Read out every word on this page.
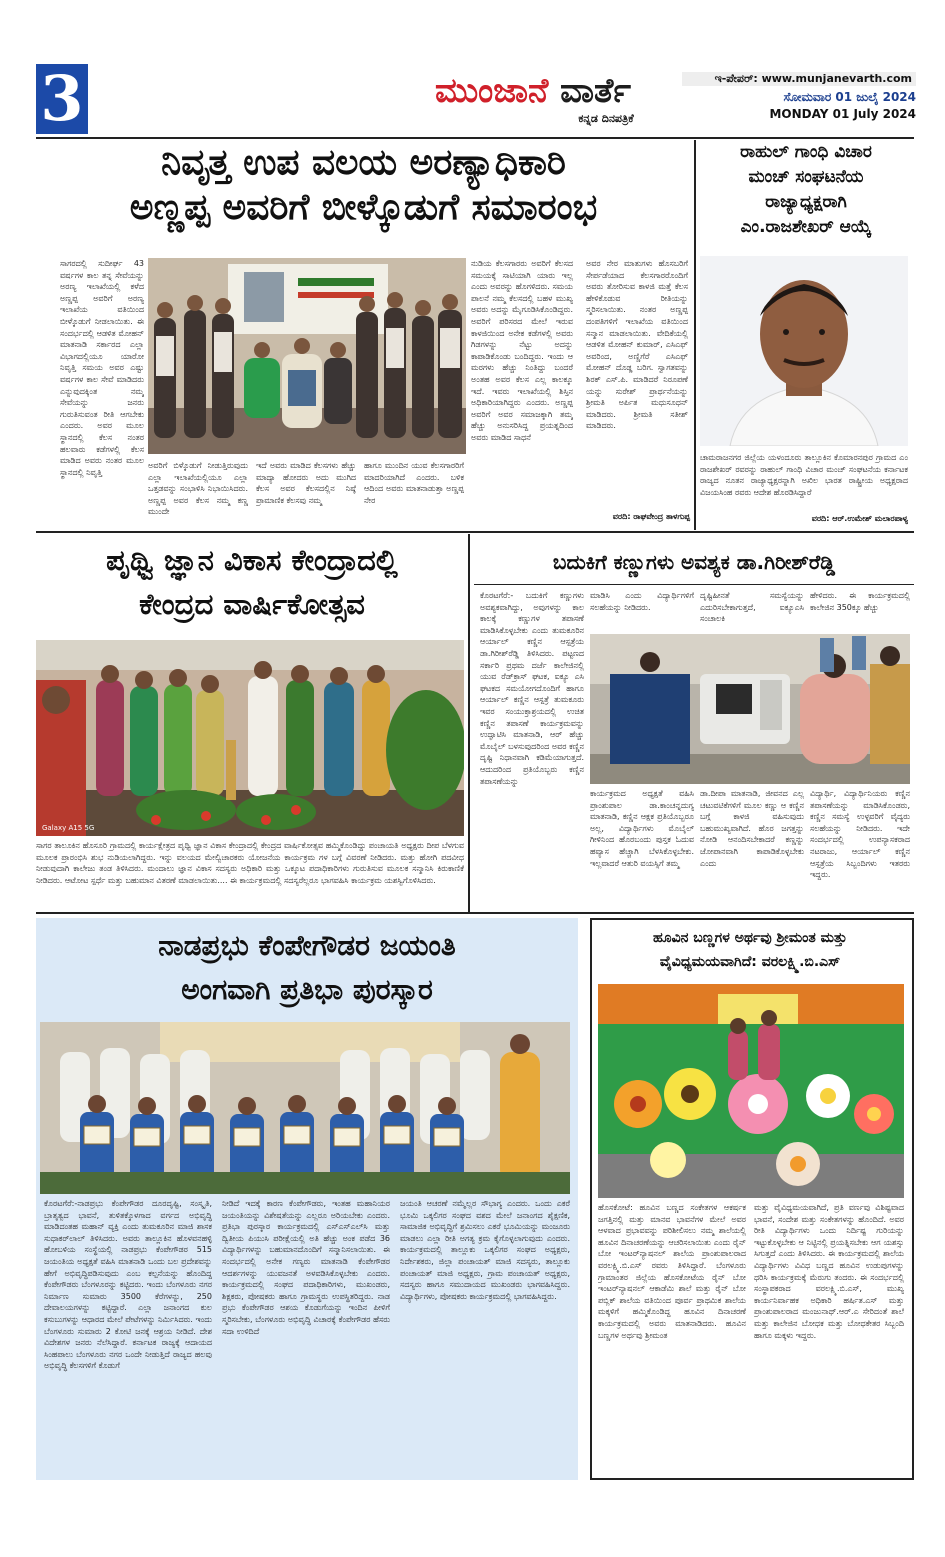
3	ಮುಂಜಾನೆ ವಾರ್ತೆ
ಕನ್ನಡ ದಿನಪತ್ರಿಕೆ
ಇ-ಪೇಪರ್: www.munjanevarth.com
ಸೋಮವಾರ 01 ಜುಲೈ 2024
MONDAY 01 July 2024
ನಿವೃತ್ತ ಉಪ ವಲಯ ಅರಣ್ಯಾಧಿಕಾರಿ
ಅಣ್ಣಪ್ಪ ಅವರಿಗೆ ಬೀಳ್ಕೊಡುಗೆ ಸಮಾರಂಭ
ಸಾಗರದಲ್ಲಿ ಸುದೀರ್ಘ 43 ವರ್ಷಗಳ ಕಾಲ ತನ್ನ ಸೇವೆಯನ್ನು ಅರಣ್ಯ ಇಲಾಖೆಯಲ್ಲಿ ಕಳೆದ ಅಣ್ಣಪ್ಪ ಅವರಿಗೆ ಅರಣ್ಯ ಇಲಾಖೆಯ ವತಿಯಿಂದ ಬೀಳ್ಕೊಡುಗೆ ನೀಡಲಾಯಿತು. ಈ ಸಂದರ್ಭದಲ್ಲಿ ಆಡಳಿತ ಮೋಹನ್ ಮಾತನಾಡಿ ಸರ್ಕಾರದ ಎಲ್ಲಾ ವಿಭಾಗದಲ್ಲಿಯೂ ಯಾರೋ ನಿವೃತ್ತಿ ಸಮಯ ಅವರ ಎಷ್ಟು ವರ್ಷಗಳ ಕಾಲ ಸೇವೆ ಮಾಡಿದರು ಎನ್ನುವುದಕ್ಕಿಂತ ನಮ್ಮ ಸೇವೆಯನ್ನು ಜನರು ಗುರುತಿಸುವಂತ ರೀತಿ ಆಗಬೇಕು ಎಂದರು. ಅವರ ಮೂಲ ಸ್ಥಾನದಲ್ಲಿ ಕೆಲಸ ನಂತರ ಹಲವಾರು ಕಡೆಗಳಲ್ಲಿ ಕೆಲಸ ಮಾಡಿದ ಅವರು ನಂತರ ಮೂಲ ಸ್ಥಾನದಲ್ಲಿ ನಿವೃತ್ತಿ
ಅವರಿಗೆ ಬಿಳ್ಕೊಡುಗೆ ನೀಡುತ್ತಿರುವುದು ಎಲ್ಲಾ ಇಲಾಖೆಯಲ್ಲಿಯೂ ಎಲ್ಲಾ ಒತ್ತಡವನ್ನು ಸಂಭಾಳಿಸಿ ನಿಭಾಯಿಸಿದರು. ಅಣ್ಣಪ್ಪ ಅವರ ಕೆಲಸ ನಮ್ಮ ಕಣ್ಣ ಮುಂದೇ
ಇದೆ ಅವರು ಮಾಡಿದ ಕೆಲಸಗಳು ಹೆಚ್ಚು ಮಾದ್ಯಾ ಹೋದರು ಅದು ಮುಗಿದ ಕೆಲಸ ಅವರ ಕೆಲಸದಲ್ಲಿನ ನಿಷ್ಠೆ ಪ್ರಾಮಾಣಿಕ ಕೆಲಸವು ನಮ್ಮ
ಹಾಗೂ ಮುಂದಿನ ಯುವ ಕೆಲಸಗಾರರಿಗೆ ಮಾದರಿಯಾಗಿದೆ ಎಂದರು. ಬಳಿಕ ಆದಿಂದ ಅವರು ಮಾತನಾಡುತ್ತಾ ಅಣ್ಣಪ್ಪ ನೇರ
ನುಡಿಯ ಕೆಲಸಗಾರರು ಅವರಿಗೆ ಕೆಲಸದ ಸಮಯಕ್ಕೆ ಸಾಟಿಯಾಗಿ ಯಾರು ಇಲ್ಲ ಎಂದು ಅವರನ್ನು ಹೊಗಳಿದರು. ಸಮಯ ಪಾಲನೆ ನಮ್ಮ ಕೆಲಸದಲ್ಲಿ ಬಹಳ ಮುಖ್ಯ ಅವರು ಅದನ್ನು ಮೈಗೂಡಿಸಿಕೊಂಡಿದ್ದರು. ಅವರಿಗೆ ಪರಿಸರದ ಮೇಲೆ ಇರುವ ಕಾಳಜಿಯಿಂದ ಅನೇಕ ಕಡೆಗಳಲ್ಲಿ ಅವರು ಗಿಡಗಳನ್ನು ನೆಟ್ಟು ಅದನ್ನು ಕಾಪಾಡಿಕೊಂಡು ಬಂದಿದ್ದರು. ಇಂದು ಆ ಮರಗಳು ಹೆಚ್ಚು ನಿಂತಿದ್ದು ಬಂದರೆ ಅಂತಹ ಅವರ ಕೆಲಸ ಎಲ್ಲ ಕಾಲಕ್ಕೂ ಇದೆ. ಇವರು ಇಲಾಖೆಯಲ್ಲಿ ಶಿಸ್ತಿನ ಅಧಿಕಾರಿಯಾಗಿದ್ದರು ಎಂದರು. ಅಣ್ಣಪ್ಪ ಅವರಿಗೆ ಅವರ ಸಮಾಜಕ್ಕಾಗಿ ತಮ್ಮ ಹೆಚ್ಚು ಅನುಸರಿಸಿದ್ದ ಪ್ರಯತ್ನದಿಂದ ಅವರು ಮಾಡಿದ ಸಾಧನೆ
ಅವರ ನೇರ ಮಾತುಗಳು ಹೊಸಬರಿಗೆ ಸೇರ್ಪಡೆಯಾದ ಕೆಲಸಗಾರರೊಂದಿಗೆ ಅವರು ತೋರಿಸುವ ಕಾಳಜಿ ಮತ್ತೆ ಕೆಲಸ ಹೇಳಿಕೊಡುವ ರೀತಿಯನ್ನು ಸ್ಮರಿಸಲಾಯಿತು. ನಂತರ ಅಣ್ಣಪ್ಪ ದಂಪತಿಗಳಿಗೆ ಇಲಾಖೆಯ ವತಿಯಿಂದ ಸನ್ಮಾನ ಮಾಡಲಾಯಿತು. ವೇದಿಕೆಯಲ್ಲಿ ಆಡಳಿತ ಮೋಹನ್ ಕುಮಾರ್, ಎಸಿಎಫ್ ಅವರಿಂದ, ಅಣ್ಣಿಗೆರೆ ಎಸಿಎಫ್ ಮೋಹನ್ ದೊಡ್ಡ ಬರಿಗ. ಸ್ವಾಗತವನ್ನು ಶಿರಕ್ ಎಸ್.ಪಿ. ಮಾಡಿದರೆ ನಿರೂಪಣೆ ಯನ್ನು ಸುರೇಶ್ ಪ್ರಾರ್ಥನೆಯನ್ನು ಶ್ರೀಮತಿ ಅರ್ಪಿತ ಮಧುಸೂಧನ್ ಮಾಡಿದರು. ಶ್ರೀಮತಿ ಸತೀಶ್ ಮಾಡಿದರು.
ವರದಿ: ರಾಘವೇಂದ್ರ ತಾಳಗುಪ್ಪ
ರಾಹುಲ್ ಗಾಂಧಿ ವಿಚಾರ
ಮಂಚ್ ಸಂಘಟನೆಯ
ರಾಜ್ಯಾಧ್ಯಕ್ಷರಾಗಿ
ಎಂ.ರಾಜಶೇಖರ್ ಆಯ್ಕೆ
ಚಾಮರಾಜನಗರ ಜಿಲ್ಲೆಯ ಯಳಂದೂರು ತಾಲ್ಲೂಕಿನ ಕೊಮಾರನಪುರ ಗ್ರಾಮದ ಎಂ ರಾಜಶೇಖರ್ ರವರನ್ನು ರಾಹುಲ್ ಗಾಂಧಿ ವಿಚಾರ ಮಂಚ್ ಸಂಘಟನೆಯ ಕರ್ನಾಟಕ ರಾಜ್ಯದ ನೂತನ ರಾಜ್ಯಾಧ್ಯಕ್ಷರನ್ನಾಗಿ ಅಖಿಲ ಭಾರತ ರಾಷ್ಟ್ರೀಯ ಅಧ್ಯಕ್ಷರಾದ ವಿಜಯಸಿಂಹ ರವರು ಆದೇಶ ಹೊರಡಿಸಿದ್ದಾರೆ
ವರದಿ: ಆರ್.ಉಮೇಶ್ ಮಲಾರಪಾಳ್ಯ
ಪೃಥ್ವಿ ಜ್ಞಾನ ವಿಕಾಸ ಕೇಂದ್ರಾದಲ್ಲಿ
ಕೇಂದ್ರದ ವಾರ್ಷಿಕೋತ್ಸವ
Galaxy A15 5G
ಸಾಗರ ತಾಲೂಕಿನ ಹೊಸೂರಿ ಗ್ರಾಮದಲ್ಲಿ ಕಾರ್ಯಕ್ಷೇತ್ರದ ಪೃಥ್ವಿ ಜ್ಞಾನ ವಿಕಾಸ ಕೇಂದ್ರಾದಲ್ಲಿ ಕೇಂದ್ರದ ವಾರ್ಷಿಕೋತ್ಸವ ಹಮ್ಮಿಕೊಂಡಿದ್ದು ಪಂಚಾಯತಿ ಅಧ್ಯಕ್ಷರು ದೀಪ ಬೆಳಗುವ ಮೂಲಕ ಪ್ರಾರಂಭಿಸಿ ಶುಭ ನುಡಿಯಲಾಗಿದ್ದರು. ಇನ್ನು ವಲಯದ ಮೇಲ್ವಿಚಾರಕರು ಯೋಜನೆಯ ಕಾರ್ಯಕ್ರಮ ಗಳ ಬಗ್ಗೆ ವಿವರಣೆ ನೀಡಿದರು. ಮತ್ತು ಹೋಗಿ ಪದವೀಧ ನೀಡುವುದಾಗಿ ಕಾಲೇಜು ತಂಡ ತಿಳಿಸಿದರು. ಮಂದಾಲು ಜ್ಞಾನ ವಿಕಾಸ ಸದಸ್ಯರು ಅಧಿಕಾರಿ ಮತ್ತು ಒಕ್ಕೂಟ ಪದಾಧಿಕಾರಿಗಳು ಗುರುತಿಸುವ ಮೂಲಕ ಸನ್ಮಾನಿಸಿ ಕಿರುಕಾಣಿಕೆ ನೀಡಿದರು. ಆಟೋಟ ಸ್ಪರ್ಧೆ ಮತ್ತು ಬಹುಮಾನ ವಿತರಣೆ ಮಾಡಲಾಯಿತು.... ಈ ಕಾರ್ಯಕ್ರಮದಲ್ಲಿ ಸದಸ್ಯರೆಲ್ಲರೂ ಭಾಗವಹಿಸಿ ಕಾರ್ಯಕ್ರಮ ಯಶಸ್ವಿಗೊಳಿಸಿದರು.
ಬದುಕಿಗೆ ಕಣ್ಣುಗಳು ಅವಶ್ಯಕ ಡಾ.ಗಿರೀಶ್‌ರೆಡ್ಡಿ
ಕೊರಟಗೆರೆ:- ಬದುಕಿಗೆ ಕಣ್ಣುಗಳು ಅವಶ್ಯಕವಾಗಿದ್ದು, ಅವುಗಳನ್ನು ಕಾಲ ಕಾಲಕ್ಕೆ ಕಣ್ಣುಗಳ ತಪಾಸಣೆ ಮಾಡಿಸಿಕೊಳ್ಳಬೇಕು ಎಂದು ತುಮಕೂರಿನ ಆರ್ಯಾಲ್ ಕಣ್ಣಿನ ಆಸ್ಪತ್ರೆಯ ಡಾ.ಗಿರೀಶ್‌ರೆಡ್ಡಿ ತಿಳಿಸಿದರು. ಪಟ್ಟಣದ ಸರ್ಕಾರಿ ಪ್ರಥಮ ದರ್ಜೆ ಕಾಲೇಜಿನಲ್ಲಿ ಯುವ ರೆಡ್‌ಕ್ರಾಸ್ ಘಟಕ, ಐಕ್ಯೂ ಎಸಿ ಘಟಕದ ಸಮಯೋಗದೊಂದಿಗೆ ಹಾಗೂ ಆರ್ಯಾಲ್ ಕಣ್ಣಿನ ಆಸ್ಪತ್ರೆ ತುಮಕೂರು ಇವರ ಸಂಯುಕ್ತಾಶ್ರಯದಲ್ಲಿ ಉಚಿತ ಕಣ್ಣಿನ ತಪಾಸಣೆ ಕಾರ್ಯಕ್ರಮವನ್ನು ಉದ್ಘಾಟಿಸಿ ಮಾತನಾಡಿ, ಆರ್ ಹೆಚ್ಚು ಮೊಬೈಲ್ ಬಳಸುವುದರಿಂದ ಅವರ ಕಣ್ಣಿನ ದೃಷ್ಟಿ ನಿಧಾನವಾಗಿ ಕಡಿಮೆಯಾಗುತ್ತದೆ. ಆದುದರಿಂದ ಪ್ರತಿಯೊಬ್ಬರು ಕಣ್ಣಿನ ತಪಾಸಣೆಯನ್ನು
ಮಾಡಿಸಿ ಎಂದು ವಿದ್ಯಾರ್ಥಿಗಳಿಗೆ ಸಲಹೆಯನ್ನು ನೀಡಿದರು.
ದೃಷ್ಟಿಹೀನತೆ ಸಮಸ್ಯೆಯನ್ನು ಎದುರಿಸಬೇಕಾಗುತ್ತದೆ, ಐಕ್ಯೂಎಸಿ ಸಂಚಾಲಕಿ
ಹೇಳಿದರು. ಈ ಕಾರ್ಯಕ್ರಮದಲ್ಲಿ ಕಾಲೇಜಿನ 350ಕ್ಕೂ ಹೆಚ್ಚು
ಕಾರ್ಯಕ್ರಮದ ಅಧ್ಯಕ್ಷತೆ ವಹಿಸಿ ಪ್ರಾಂಶುಪಾಲ ಡಾ.ಕಾಂಚನ್ನದುಗ್ಯ ಮಾತನಾಡಿ, ಕಣ್ಣಿನ ಆಕ್ಷಕ ಪ್ರತಿಯೊಬ್ಬರೂ ಅಲ್ಲ, ವಿದ್ಯಾರ್ಥಿಗಳು ಮೊಬೈಲ್ ಗೀಳಿನಿಂದ ಹೊರಬಂದು ಪುಸ್ತಕ ಓದುವ ಹವ್ಯಾಸ ಹೆಚ್ಚಾಗಿ ಬೆಳಸಿಕೊಳ್ಳಬೇಕು. ಇಲ್ಲವಾದರೆ ಆತುರಿ ವಯಸ್ಸಿಗೆ ತಮ್ಮ
ಡಾ.ದೀಪಾ ಮಾತನಾಡಿ, ಜೀವನದ ಎಲ್ಲ ಚಟುವಟಿಕೆಗಳಿಗೆ ಮೂಲ ಕಣ್ಣು ಆ ಕಣ್ಣಿನ ಬಗ್ಗೆ ಕಾಳಜಿ ವಹಿಸುವುದು ಬಹುಮುಖ್ಯವಾಗಿದೆ. ಹೊರ ಜಗತ್ತನ್ನು ನೋಡಿ ಆನಂದಿಸಬೇಕಾದರೆ ಕಣ್ಣನ್ನು ಜೋಪಾನವಾಗಿ ಕಾಪಾಡಿಕೊಳ್ಳಬೇಕು ಎಂದು
ವಿದ್ಯಾರ್ಥಿ, ವಿದ್ಯಾರ್ಥಿನಿಯರು ಕಣ್ಣಿನ ತಪಾಸಣೆಯನ್ನು ಮಾಡಿಸಿಕೊಂಡರು, ಕಣ್ಣಿನ ಸಮಸ್ಯೆ ಉಳ್ಳವರಿಗೆ ವೈದ್ಯರು ಸಲಹೆಯನ್ನು ನೀಡಿದರು. ಇದೇ ಸಂದರ್ಭದಲ್ಲಿ ಉಪನ್ಯಾಸಕರಾದ ನಟರಾಜು, ಆರ್ಯಾಲ್ ಕಣ್ಣಿನ ಆಸ್ಪತ್ರೆಯ ಸಿಬ್ಬಂದಿಗಳು ಇತರರು ಇದ್ದರು.
ನಾಡಪ್ರಭು ಕೆಂಪೇಗೌಡರ ಜಯಂತಿ
ಅಂಗವಾಗಿ ಪ್ರತಿಭಾ ಪುರಸ್ಕಾರ
ಕೊರಟಗೆರೆ:-ನಾಡಪ್ರಭು ಕೆಂಪೇಗೌಡರ ದೂರದೃಷ್ಟಿ, ಸಂಸ್ಕೃತಿ, ಬ್ರಾತೃತ್ವದ ಭಾವನೆ, ತುಳಿತಕ್ಕೊಳಗಾದ ವರ್ಗದ ಅಭಿವೃದ್ಧಿ ಮಾಡಿದಂತಹ ಮಹಾನ್ ವ್ಯಕ್ತಿ ಎಂದು ತುಮಕೂರಿನ ಮಾಜಿ ಶಾಸಕ ಸುಧಾಕರ್‌ಲಾಲ್ ತಿಳಿಸಿದರು. ಅವರು ತಾಲ್ಲೂಕಿನ ಹೊಳವನಹಳ್ಳಿ ಹೋಬಳಿಯ ಸಂಸ್ಥೆಯಲ್ಲಿ ನಾಡಪ್ರಭು ಕೆಂಪೇಗೌಡರ 515 ಜಯಂತಿಯ ಅಧ್ಯಕ್ಷತೆ ವಹಿಸಿ ಮಾತನಾಡಿ ಒಂದು ಬಲ ಪ್ರದೇಶವನ್ನು ಹೇಗೆ ಅಭಿವೃದ್ಧಿಪಡಿಸುವುದು ಎಂಬ ಕಲ್ಪನೆಯನ್ನು ಹೊಂದಿದ್ದ ಕೆಂಪೇಗೌಡರು ಬೆಂಗಳೂರನ್ನು ಕಟ್ಟಿದರು. ಇಂದು ಬೆಂಗಳೂರು ನಗರ ನಿರ್ಮಾಣ ಸುಮಾರು 3500 ಕೆರೆಗಳನ್ನು, 250 ದೇವಾಲಯಗಳನ್ನು ಕಟ್ಟಿದ್ದಾರೆ. ಎಲ್ಲಾ ಜನಾಂಗದ ಕುಲ ಕಸುಬುಗಳನ್ನು ಆಧಾರದ ಮೇಲೆ ಪೇಟೆಗಳನ್ನು ನಿರ್ಮಿಸಿದರು. ಇಂದು ಬೆಂಗಳೂರು ಸುಮಾರು 2 ಕೋಟಿ ಜನಕ್ಕೆ ಆಶ್ರಯ ನೀಡಿದೆ. ದೇಶ ವಿದೇಶಗಳ ಜನರು ನೆಲೆಸಿದ್ದಾರೆ. ಕರ್ನಾಟಕ ರಾಜ್ಯಕ್ಕೆ ಆದಾಯದ ಸಿಂಹಪಾಲು ಬೆಂಗಳೂರು ನಗರ ಒಂದೇ ನೀಡುತ್ತಿದೆ ರಾಜ್ಯದ ಹಲವು ಅಭಿವೃದ್ಧಿ ಕೆಲಸಗಳಿಗೆ ಕೊಡುಗೆ
ನೀಡಿದೆ ಇದಕ್ಕೆ ಕಾರಣ ಕೆಂಪೇಗೌಡರು, ಇಂತಹ ಮಹಾನಿಯರ ಜಯಂತಿಯನ್ನು ವಿಶೇಷತೆಯನ್ನು ಎಲ್ಲರೂ ಅರಿಯಬೇಕು ಎಂದರು. ಪ್ರತಿಭಾ ಪುರಸ್ಕಾರ ಕಾರ್ಯಕ್ರಮದಲ್ಲಿ ಎಸ್‌ಎಸ್‌ಎಲ್‌ಸಿ ಮತ್ತು ದ್ವಿತೀಯ ಪಿಯುಸಿ ಪರೀಕ್ಷೆಯಲ್ಲಿ ಅತಿ ಹೆಚ್ಚು ಅಂಕ ಪಡೆದ 36 ವಿದ್ಯಾರ್ಥಿಗಳನ್ನು ಬಹುಮಾನದೊಂದಿಗೆ ಸನ್ಮಾನಿಸಲಾಯಿತು. ಈ ಸಂದರ್ಭದಲ್ಲಿ ಅನೇಕ ಗಣ್ಯರು ಮಾತನಾಡಿ ಕೆಂಪೇಗೌಡರ ಆದರ್ಶಗಳನ್ನು ಯುವಜನತೆ ಅಳವಡಿಸಿಕೊಳ್ಳಬೇಕು ಎಂದರು. ಕಾರ್ಯಕ್ರಮದಲ್ಲಿ ಸಂಘದ ಪದಾಧಿಕಾರಿಗಳು, ಮುಖಂಡರು, ಶಿಕ್ಷಕರು, ಪೋಷಕರು ಹಾಗೂ ಗ್ರಾಮಸ್ಥರು ಉಪಸ್ಥಿತರಿದ್ದರು. ನಾಡ ಪ್ರಭು ಕೆಂಪೇಗೌಡರ ಆಶಯ ಕೊಡುಗೆಯನ್ನು ಇಂದಿನ ಪೀಳಿಗೆ ಸ್ಮರಿಸಬೇಕು, ಬೆಂಗಳೂರು ಅಭಿವೃದ್ಧಿ ವಿಚಾರಕ್ಕೆ ಕೆಂಪೇಗೌಡರ ಹೆಸರು ಸದಾ ಉಳಿದಿದೆ
ಜಯಂತಿ ಆಚರಣೆ ನಮ್ಮೆಲ್ಲರ ಸೌಭಾಗ್ಯ ಎಂದರು. ಒಂದು ಎಕರೆ ಭೂಮಿ ಒಕ್ಕಲಿಗರ ಸಂಘದ ವಶದ ಮೇಲೆ ಜನಾಂಗದ ಶೈಕ್ಷಣಿಕ, ಸಾಮಾಜಿಕ ಅಭಿವೃದ್ಧಿಗೆ ಶ್ರಮಿಸಲು ಎಕರೆ ಭೂಮಿಯನ್ನು ಮಂಜೂರು ಮಾಡಲು ಎಲ್ಲಾ ರೀತಿ ಅಗತ್ಯ ಕ್ರಮ ಕೈಗೊಳ್ಳಲಾಗುವುದು ಎಂದರು. ಕಾರ್ಯಕ್ರಮದಲ್ಲಿ ತಾಲ್ಲೂಕು ಒಕ್ಕಲಿಗರ ಸಂಘದ ಅಧ್ಯಕ್ಷರು, ನಿರ್ದೇಶಕರು, ಜಿಲ್ಲಾ ಪಂಚಾಯತ್ ಮಾಜಿ ಸದಸ್ಯರು, ತಾಲ್ಲೂಕು ಪಂಚಾಯತ್ ಮಾಜಿ ಅಧ್ಯಕ್ಷರು, ಗ್ರಾಮ ಪಂಚಾಯತ್ ಅಧ್ಯಕ್ಷರು, ಸದಸ್ಯರು ಹಾಗೂ ಸಮುದಾಯದ ಮುಖಂಡರು ಭಾಗವಹಿಸಿದ್ದರು. ವಿದ್ಯಾರ್ಥಿಗಳು, ಪೋಷಕರು ಕಾರ್ಯಕ್ರಮದಲ್ಲಿ ಭಾಗವಹಿಸಿದ್ದರು.
ಹೂವಿನ ಬಣ್ಣಗಳ ಅರ್ಥವು ಶ್ರೀಮಂತ ಮತ್ತು
ವೈವಿಧ್ಯಮಯವಾಗಿದೆ: ವರಲಕ್ಷ್ಮಿ.ಬಿ.ಎಸ್
ಹೊಸಕೋಟೆ: ಹೂವಿನ ಬಣ್ಣದ ಸಂಕೇತಗಳ ಆಕರ್ಷಕ ಜಗತ್ತಿನಲ್ಲಿ ಮತ್ತು ಮಾನವ ಭಾವನೆಗಳ ಮೇಲೆ ಅವರ ಆಳವಾದ ಪ್ರಭಾವವನ್ನು ಪರಿಶೀಲಿಸಲು ನಮ್ಮ ಶಾಲೆಯಲ್ಲಿ ಹೂವಿನ ದಿನಾಚರಣೆಯನ್ನು ಆಚರಿಸಲಾಯಿತು ಎಂದು ರೈನ್ ಬೋ ಇಂಟರ್‌ನ್ಯಾಷನಲ್ ಶಾಲೆಯ ಪ್ರಾಂಶುಪಾಲರಾದ ವರಲಕ್ಷ್ಮಿ.ಬಿ.ಎಸ್ ರವರು ತಿಳಿಸಿದ್ದಾರೆ. ಬೆಂಗಳೂರು ಗ್ರಾಮಾಂತರ ಜಿಲ್ಲೆಯ ಹೊಸಕೋಟೆಯ ರೈನ್ ಬೋ ಇಂಟರ್‌ನ್ಯಾಷನಲ್ ಆಕಾಡೆಮಿ ಶಾಲೆ ಮತ್ತು ರೈನ್ ಬೋ ಪಬ್ಲಿಕ್ ಶಾಲೆಯ ವತಿಯಿಂದ ಪೂರ್ವ ಪ್ರಾಥಮಿಕ ಶಾಲೆಯ ಮಕ್ಕಳಿಗೆ ಹಮ್ಮಿಕೊಂಡಿದ್ದ ಹೂವಿನ ದಿನಾಚರಣೆ ಕಾರ್ಯಕ್ರಮದಲ್ಲಿ ಅವರು ಮಾತನಾಡಿದರು. ಹೂವಿನ ಬಣ್ಣಗಳ ಅರ್ಥವು ಶ್ರೀಮಂತ
ಮತ್ತು ವೈವಿಧ್ಯಮಯವಾಗಿದೆ, ಪ್ರತಿ ವರ್ಣವು ವಿಶಿಷ್ಟವಾದ ಭಾವನೆ, ಸಂದೇಶ ಮತ್ತು ಸಂಕೇತಗಳನ್ನು ಹೊಂದಿದೆ. ಅವರ ರೀತಿ ವಿದ್ಯಾರ್ಥಿಗಳು ಒಂದು ನಿರ್ದಿಷ್ಟ ಗುರಿಯನ್ನು ಇಟ್ಟುಕೊಳ್ಳಬೇಕು ಆ ನಿಟ್ಟಿನಲ್ಲಿ ಪ್ರಯತ್ನಿಸಬೇಕು ಆಗ ಯಶಸ್ಸು ಸಿಗುತ್ತದೆ ಎಂದು ತಿಳಿಸಿದರು. ಈ ಕಾರ್ಯಕ್ರಮದಲ್ಲಿ ಶಾಲೆಯ ವಿದ್ಯಾರ್ಥಿಗಳು ವಿವಿಧ ಬಣ್ಣದ ಹೂವಿನ ಉಡುಪುಗಳನ್ನು ಧರಿಸಿ ಕಾರ್ಯಕ್ರಮಕ್ಕೆ ಮೆರುಗು ತಂದರು. ಈ ಸಂದರ್ಭದಲ್ಲಿ ಸಂಸ್ಥಾಪಕರಾದ ವರಲಕ್ಷ್ಮಿ.ಬಿ.ಎಸ್, ಮುಖ್ಯ ಕಾರ್ಯನಿರ್ವಾಹಕ ಅಧಿಕಾರಿ ಹರ್ಷಿತ.ಎಸ್ ಮತ್ತು ಪ್ರಾಂಶುಪಾಲರಾದ ಮಂಜುನಾಥ್.ಆರ್.ಎ ಸೇರಿದಂತೆ ಶಾಲೆ ಮತ್ತು ಕಾಲೇಜಿನ ಬೋಧಕ ಮತ್ತು ಬೋಧಕೇತರ ಸಿಬ್ಬಂದಿ ಹಾಗೂ ಮಕ್ಕಳು ಇದ್ದರು.
